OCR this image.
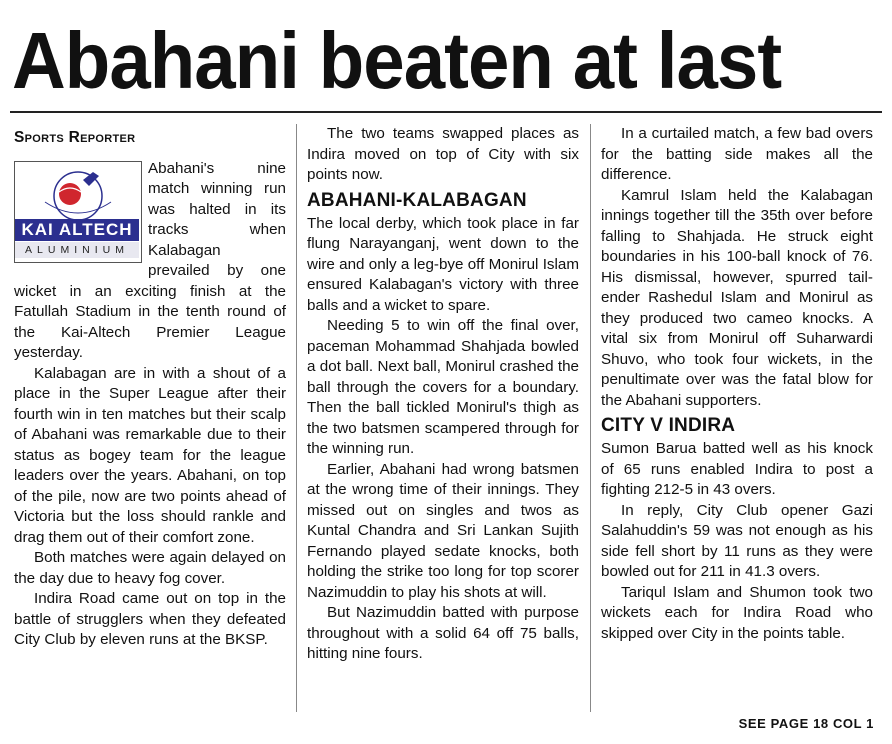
Abahani beaten at last
Sports Reporter
KAI ALTECH
ALUMINIUM

Abahani's nine match winning run was halted in its tracks when Kalabagan prevailed by one wicket in an exciting finish at the Fatullah Stadium in the tenth round of the Kai-Altech Premier League yesterday.

Kalabagan are in with a shout of a place in the Super League after their fourth win in ten matches but their scalp of Abahani was remarkable due to their status as bogey team for the league leaders over the years. Abahani, on top of the pile, now are two points ahead of Victoria but the loss should rankle and drag them out of their comfort zone.

Both matches were again delayed on the day due to heavy fog cover.

Indira Road came out on top in the battle of strugglers when they defeated City Club by eleven runs at the BKSP.

The two teams swapped places as Indira moved on top of City with six points now.

ABAHANI-KALABAGAN

The local derby, which took place in far flung Narayanganj, went down to the wire and only a leg-bye off Monirul Islam ensured Kalabagan's victory with three balls and a wicket to spare.

Needing 5 to win off the final over, paceman Mohammad Shahjada bowled a dot ball. Next ball, Monirul crashed the ball through the covers for a boundary. Then the ball tickled Monirul's thigh as the two batsmen scampered through for the winning run.

Earlier, Abahani had wrong batsmen at the wrong time of their innings. They missed out on singles and twos as Kuntal Chandra and Sri Lankan Sujith Fernando played sedate knocks, both holding the strike too long for top scorer Nazimuddin to play his shots at will.

But Nazimuddin batted with purpose throughout with a solid 64 off 75 balls, hitting nine fours.

In a curtailed match, a few bad overs for the batting side makes all the difference.

Kamrul Islam held the Kalabagan innings together till the 35th over before falling to Shahjada. He struck eight boundaries in his 100-ball knock of 76. His dismissal, however, spurred tail-ender Rashedul Islam and Monirul as they produced two cameo knocks. A vital six from Monirul off Suharwardi Shuvo, who took four wickets, in the penultimate over was the fatal blow for the Abahani supporters.

CITY V INDIRA

Sumon Barua batted well as his knock of 65 runs enabled Indira to post a fighting 212-5 in 43 overs.

In reply, City Club opener Gazi Salahuddin's 59 was not enough as his side fell short by 11 runs as they were bowled out for 211 in 41.3 overs.

Tariqul Islam and Shumon took two wickets each for Indira Road who skipped over City in the points table.

SEE PAGE 18 COL 1
